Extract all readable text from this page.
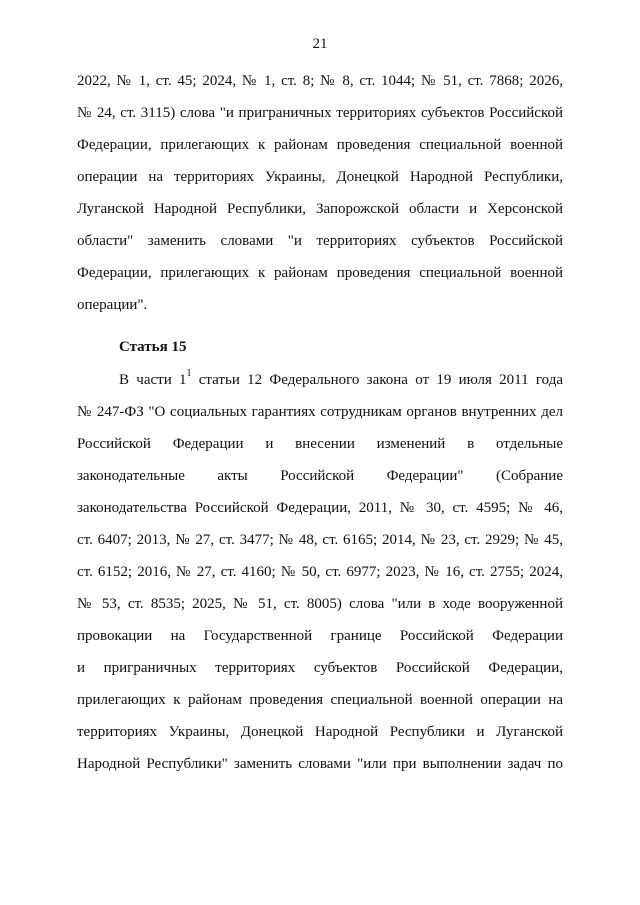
21
2022, № 1, ст. 45; 2024, № 1, ст. 8; № 8, ст. 1044; № 51, ст. 7868; 2026,
№ 24, ст. 3115) слова "и приграничных территориях субъектов Российской
Федерации, прилегающих к районам проведения специальной военной
операции на территориях Украины, Донецкой Народной Республики,
Луганской Народной Республики, Запорожской области и Херсонской
области" заменить словами "и территориях субъектов Российской
Федерации, прилегающих к районам проведения специальной военной
операции".
Статья 15
В части $1^1$ статьи 12 Федерального закона от 19 июля 2011 года
№ 247-ФЗ "О социальных гарантиях сотрудникам органов внутренних дел
Российской Федерации и внесении изменений в отдельные
законодательные акты Российской Федерации" (Собрание
законодательства Российской Федерации, 2011, № 30, ст. 4595; № 46,
ст. 6407; 2013, № 27, ст. 3477; № 48, ст. 6165; 2014, № 23, ст. 2929; № 45,
ст. 6152; 2016, № 27, ст. 4160; № 50, ст. 6977; 2023, № 16, ст. 2755; 2024,
№ 53, ст. 8535; 2025, № 51, ст. 8005) слова "или в ходе вооруженной
провокации на Государственной границе Российской Федерации
и приграничных территориях субъектов Российской Федерации,
прилегающих к районам проведения специальной военной операции на
территориях Украины, Донецкой Народной Республики и Луганской
Народной Республики" заменить словами "или при выполнении задач по
